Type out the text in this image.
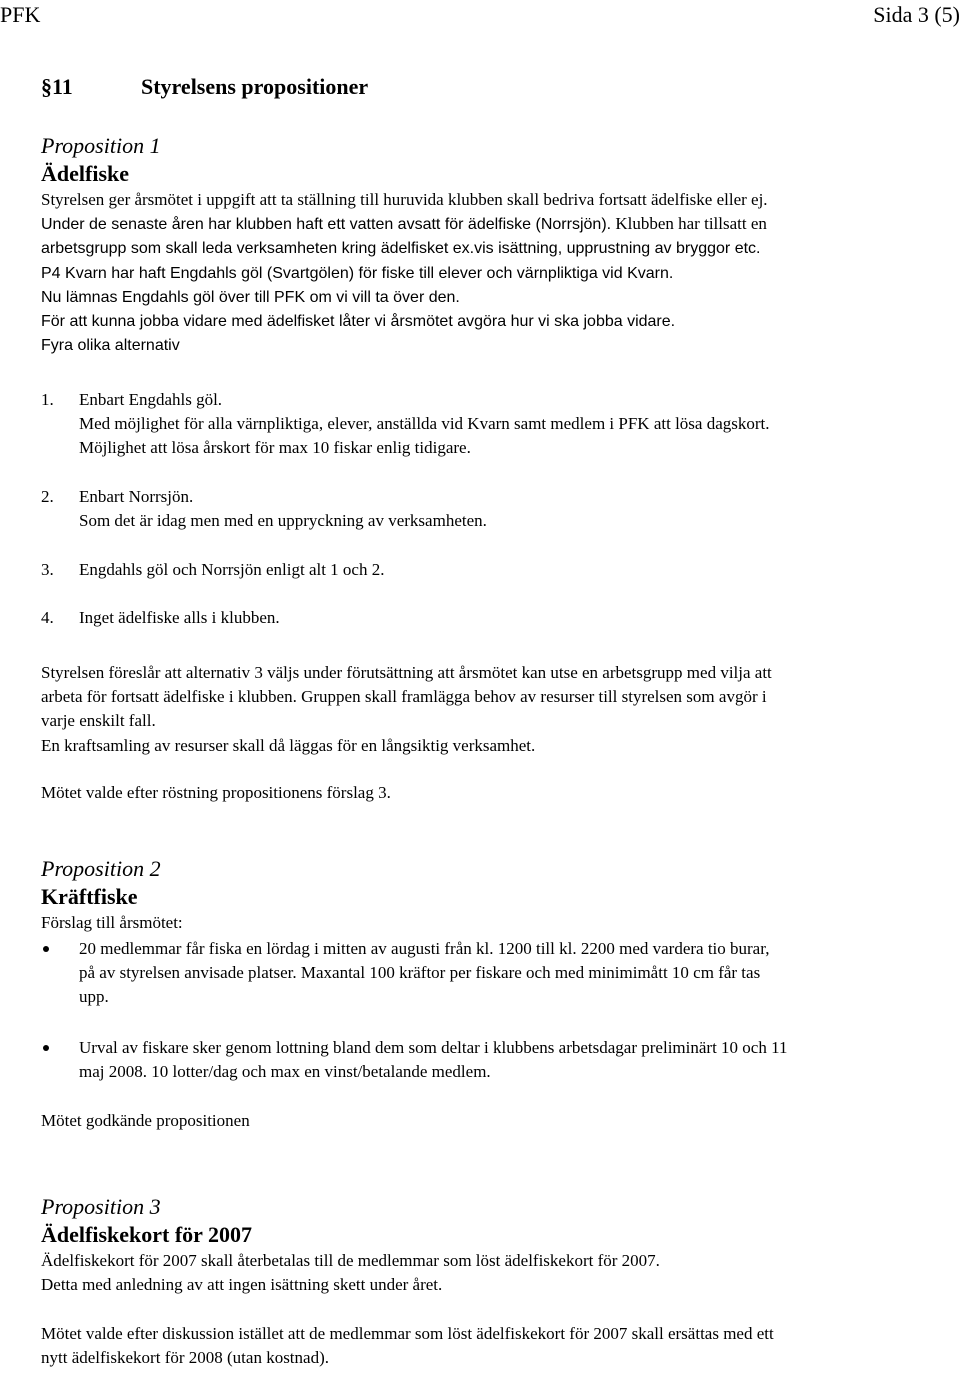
PFK	Sida 3 (5)
§11	Styrelsens propositioner

Proposition 1

Ädelfiske

Styrelsen ger årsmötet i uppgift att ta ställning till huruvida klubben skall bedriva fortsatt ädelfiske eller ej.

Under de senaste åren har klubben haft ett vatten avsatt för ädelfiske (Norrsjön). Klubben har tillsatt en

arbetsgrupp som skall leda verksamheten kring ädelfisket ex.vis isättning, upprustning av bryggor etc.

P4 Kvarn har haft Engdahls göl (Svartgölen) för fiske till elever och värnpliktiga vid Kvarn.

Nu lämnas Engdahls göl över till PFK om vi vill ta över den.

För att kunna jobba vidare med ädelfisket låter vi årsmötet avgöra hur vi ska jobba vidare.

Fyra olika alternativ

1.	Enbart Engdahls göl.

Med möjlighet för alla värnpliktiga, elever, anställda vid Kvarn samt medlem i PFK att lösa dagskort.

Möjlighet att lösa årskort för max 10 fiskar enlig tidigare.

2.	Enbart Norrsjön.

Som det är idag men med en uppryckning av verksamheten.

3.	Engdahls göl och Norrsjön enligt alt 1 och 2.

4.	Inget ädelfiske alls i klubben.

Styrelsen föreslår att alternativ 3 väljs under förutsättning att årsmötet kan utse en arbetsgrupp med vilja att

arbeta för fortsatt ädelfiske i klubben. Gruppen skall framlägga behov av resurser till styrelsen som avgör i

varje enskilt fall.

En kraftsamling av resurser skall då läggas för en långsiktig verksamhet.

Mötet valde efter röstning propositionens förslag 3.

Proposition 2

Kräftfiske

Förslag till årsmötet:

20 medlemmar får fiska en lördag i mitten av augusti från kl. 1200 till kl. 2200 med vardera tio burar,

på av styrelsen anvisade platser. Maxantal 100 kräftor per fiskare och med minimimått 10 cm får tas

upp.

Urval av fiskare sker genom lottning bland dem som deltar i klubbens arbetsdagar preliminärt 10 och 11

maj 2008. 10 lotter/dag och max en vinst/betalande medlem.

Mötet godkände propositionen

Proposition 3

Ädelfiskekort för 2007

Ädelfiskekort för 2007 skall återbetalas till de medlemmar som löst ädelfiskekort för 2007.

Detta med anledning av att ingen isättning skett under året.

Mötet valde efter diskussion istället att de medlemmar som löst ädelfiskekort för 2007 skall ersättas med ett

nytt ädelfiskekort för 2008 (utan kostnad).
